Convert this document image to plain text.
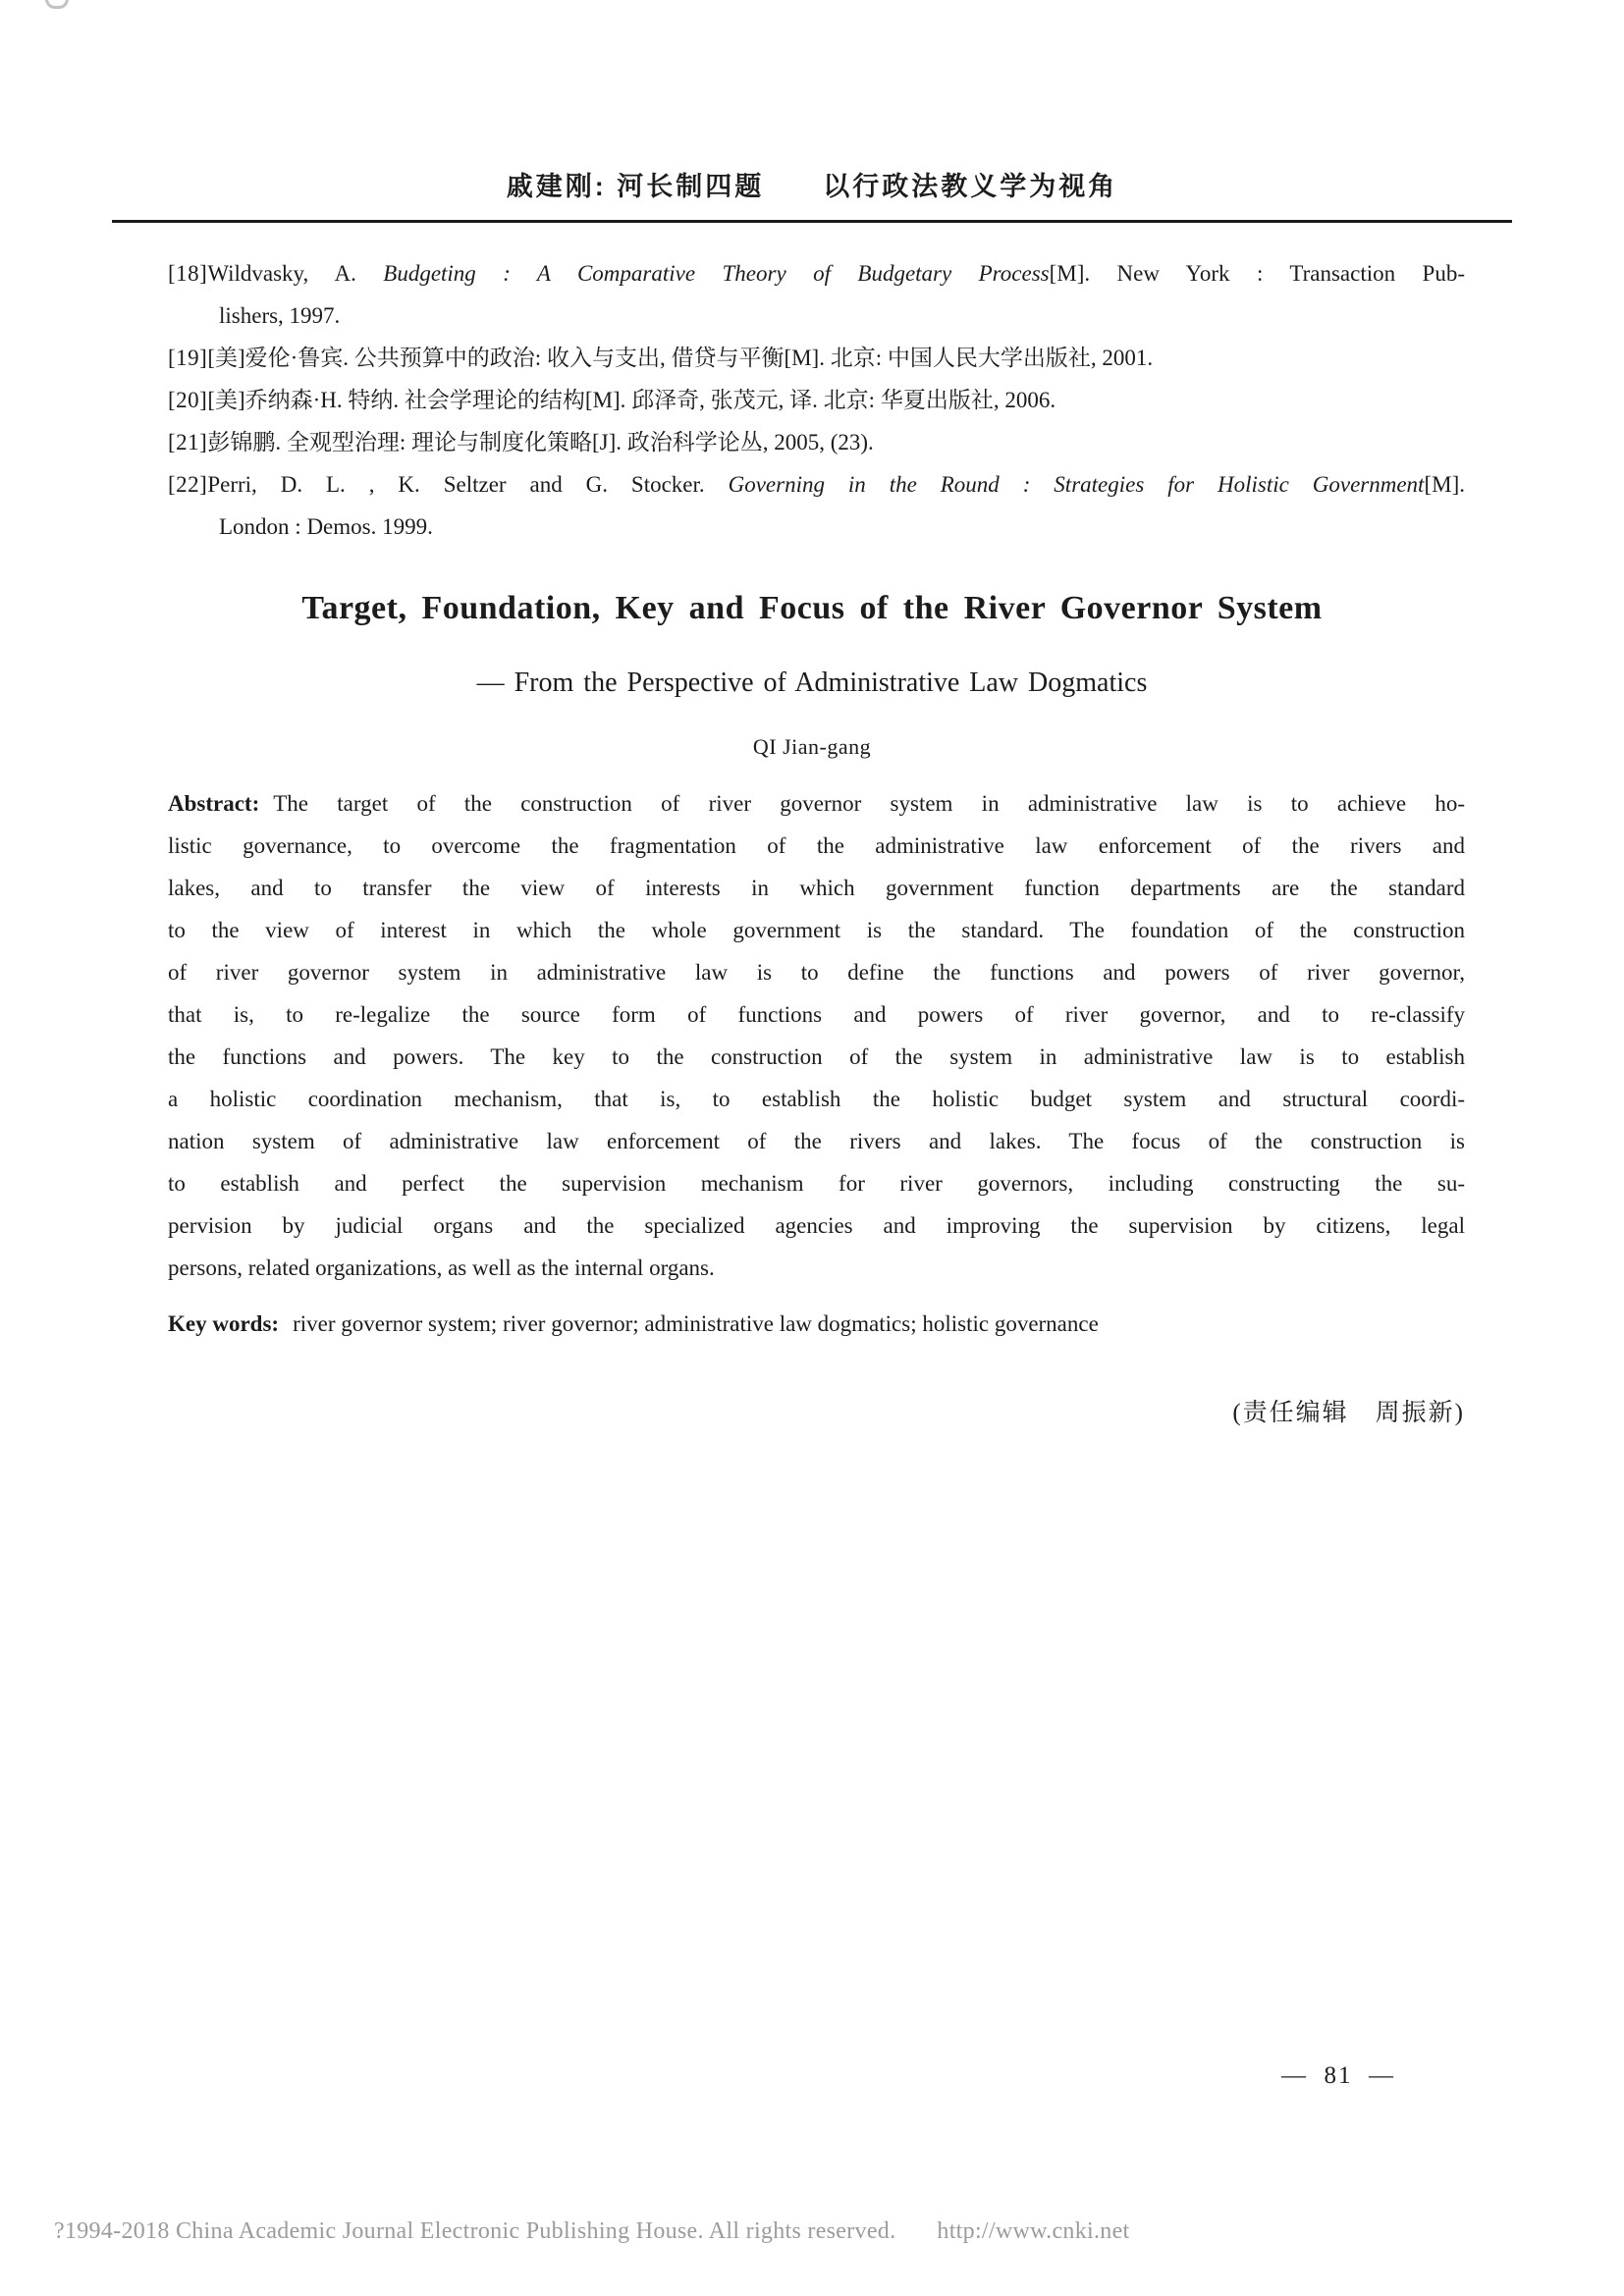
戚建刚: 河长制四题　　以行政法教义学为视角
[18]Wildvasky, A. Budgeting : A Comparative Theory of Budgetary Process[M]. New York : Transaction Pub-
lishers, 1997.
[19][美]爱伦·鲁宾. 公共预算中的政治: 收入与支出, 借贷与平衡[M]. 北京: 中国人民大学出版社, 2001.
[20][美]乔纳森·H. 特纳. 社会学理论的结构[M]. 邱泽奇, 张茂元, 译. 北京: 华夏出版社, 2006.
[21]彭锦鹏. 全观型治理: 理论与制度化策略[J]. 政治科学论丛, 2005, (23).
[22]Perri, D. L. , K. Seltzer and G. Stocker. Governing in the Round : Strategies for Holistic Government[M].
London : Demos. 1999.
Target, Foundation, Key and Focus of the River Governor System
— From the Perspective of Administrative Law Dogmatics
QI Jian-gang
Abstract: The target of the construction of river governor system in administrative law is to achieve ho-
listic governance, to overcome the fragmentation of the administrative law enforcement of the rivers and
lakes, and to transfer the view of interests in which government function departments are the standard
to the view of interest in which the whole government is the standard. The foundation of the construction
of river governor system in administrative law is to define the functions and powers of river governor,
that is, to re-legalize the source form of functions and powers of river governor, and to re-classify
the functions and powers. The key to the construction of the system in administrative law is to establish
a holistic coordination mechanism, that is, to establish the holistic budget system and structural coordi-
nation system of administrative law enforcement of the rivers and lakes. The focus of the construction is
to establish and perfect the supervision mechanism for river governors, including constructing the su-
pervision by judicial organs and the specialized agencies and improving the supervision by citizens, legal
persons, related organizations, as well as the internal organs.
Key words: river governor system; river governor; administrative law dogmatics; holistic governance
(责任编辑　周振新)
—  81  —
?1994-2018 China Academic Journal Electronic Publishing House. All rights reserved. http://www.cnki.net
